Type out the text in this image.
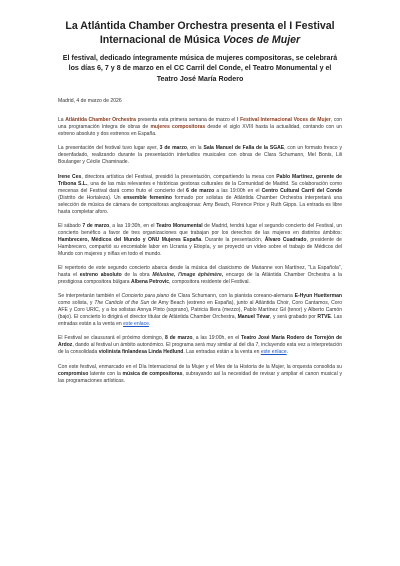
La Atlántida Chamber Orchestra presenta el I Festival
Internacional de Música Voces de Mujer

El festival, dedicado íntegramente música de mujeres compositoras, se celebrará los días 6, 7 y 8 de marzo en el CC Carril del Conde, el Teatro Monumental y el Teatro José María Rodero

Madrid, 4 de marzo de 2026

La Atlántida Chamber Orchestra presenta esta primera semana de marzo el I Festival Internacional Voces de Mujer, con una programación íntegra de obras de mujeres compositoras desde el siglo XVIII hasta la actualidad, contando con un estreno absoluto y dos estrenos en España.

La presentación del festival tuvo lugar ayer, 3 de marzo, en la Sala Manuel de Falla de la SGAE, con un formato fresco y desenfadado, realizando durante la presentación interludios musicales con obras de Clara Schumann, Mel Bonis, Lili Boulanger y Cécile Chaminade.

Irene Ces, directora artística del Festival, presidió la presentación, compartiendo la mesa con Pablo Martínez, gerente de Tribona S.L., una de las más relevantes e históricas gestoras culturales de la Comunidad de Madrid. Su colaboración como mecenas del Festival dará como fruto el concierto del 6 de marzo a las 19:00h en el Centro Cultural Carril del Conde (Distrito de Hortaleza). Un ensemble femenino formado por solistas de Atlántida Chamber Orchestra interpretará una selección de música de cámara de compositoras anglosajonas: Amy Beach, Florence Price y Ruth Gipps. La entrada es libre hasta completar aforo.

El sábado 7 de marzo, a las 19:30h, en el Teatro Monumental de Madrid, tendrá lugar el segundo concierto del Festival, un concierto benéfico a favor de tres organizaciones que trabajan por los derechos de las mujeres en distintos ámbitos: Hambrecero, Médicos del Mundo y ONU Mujeres España. Durante la presentación, Álvaro Cuadrado, presidente de Hambrecero, compartió su encomiable labor en Ucrania y Etiopía, y se proyectó un vídeo sobre el trabajo de Médicos del Mundo con mujeres y niñas en todo el mundo.

El repertorio de este segundo concierto abarca desde la música del clasicismo de Marianne von Martínez, "La Española", hasta el estreno absoluto de la obra Mélusine, l'image éphémère, encargo de la Atlántida Chamber Orchestra a la prestigiosa compositora búlgara Albena Petrovic, compositora residente del Festival.

Se interpretarán también el Concierto para piano de Clara Schumann, con la pianista coreano-alemana E-Hyun Huetterman como solista, y The Canticle of the Sun de Amy Beach (estreno en España), junto al Atlántida Choir, Coro Cantamos, Coro AFE y Coro URIC, y a los solistas Annya Pinto (soprano), Patricia Illera (mezzo), Pablo Martínez Gil (tenor) y Alberto Camón (bajo). El concierto lo dirigirá el director titular de Atlántida Chamber Orchestra, Manuel Tévar, y será grabado por RTVE. Las entradas están a la venta en este enlace.

El Festival se clausurará el próximo domingo, 8 de marzo, a las 19:00h, en el Teatro José María Rodero de Torrejón de Ardoz, dando al festival un ámbito autonómico. El programa será muy similar al del día 7, incluyendo esta vez a interpretación de la consolidada violinista finlandesa Linda Hedlund. Las entradas están a la venta en este enlace.

Con este festival, enmarcado en el Día Internacional de la Mujer y el Mes de la Historia de la Mujer, la orquesta consolida su compromiso latente con la música de compositoras, subrayando así la necesidad de revisar y ampliar el canon musical y las programaciones artísticas.
